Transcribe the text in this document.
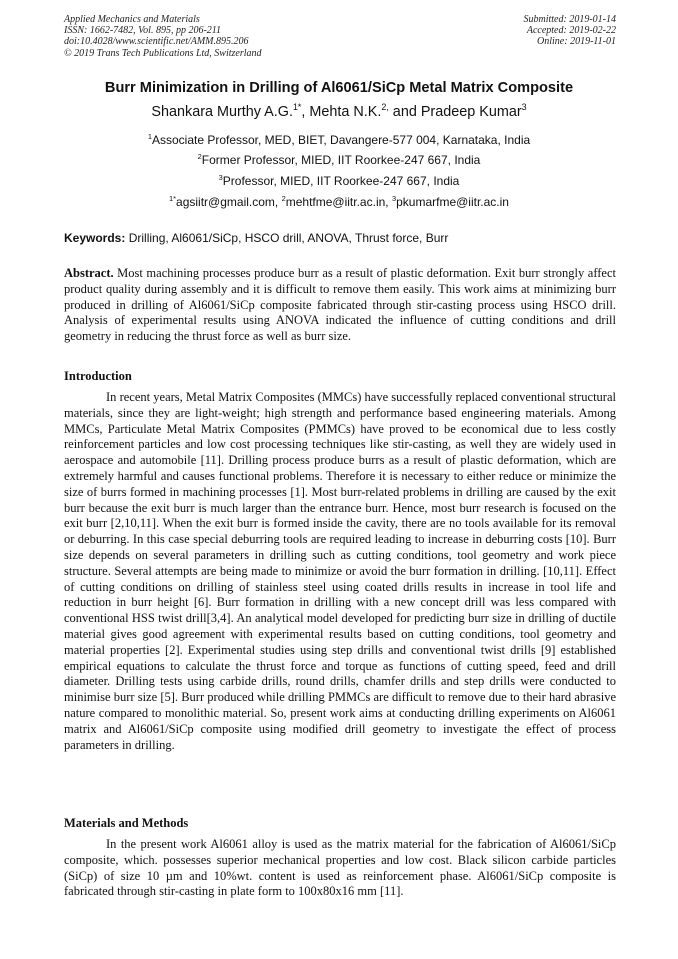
Applied Mechanics and Materials
ISSN: 1662-7482, Vol. 895, pp 206-211
doi:10.4028/www.scientific.net/AMM.895.206
© 2019 Trans Tech Publications Ltd, Switzerland
Submitted: 2019-01-14
Accepted: 2019-02-22
Online: 2019-11-01
Burr Minimization in Drilling of Al6061/SiCp Metal Matrix Composite
Shankara Murthy A.G.$^{1*}$, Mehta N.K.$^{2,}$ and Pradeep Kumar$^3$
$^1$Associate Professor, MED, BIET, Davangere-577 004, Karnataka, India
$^2$Former Professor, MIED, IIT Roorkee-247 667, India
$^3$Professor, MIED, IIT Roorkee-247 667, India
$^{1*}$agsiitr@gmail.com, $^2$mehtfme@iitr.ac.in, $^3$pkumarfme@iitr.ac.in
Keywords: Drilling, Al6061/SiCp, HSCO drill, ANOVA, Thrust force, Burr
Abstract. Most machining processes produce burr as a result of plastic deformation. Exit burr strongly affect product quality during assembly and it is difficult to remove them easily. This work aims at minimizing burr produced in drilling of Al6061/SiCp composite fabricated through stir-casting process using HSCO drill. Analysis of experimental results using ANOVA indicated the influence of cutting conditions and drill geometry in reducing the thrust force as well as burr size.
Introduction
In recent years, Metal Matrix Composites (MMCs) have successfully replaced conventional structural materials, since they are light-weight; high strength and performance based engineering materials. Among MMCs, Particulate Metal Matrix Composites (PMMCs) have proved to be economical due to less costly reinforcement particles and low cost processing techniques like stir-casting, as well they are widely used in aerospace and automobile [11]. Drilling process produce burrs as a result of plastic deformation, which are extremely harmful and causes functional problems. Therefore it is necessary to either reduce or minimize the size of burrs formed in machining processes [1]. Most burr-related problems in drilling are caused by the exit burr because the exit burr is much larger than the entrance burr. Hence, most burr research is focused on the exit burr [2,10,11]. When the exit burr is formed inside the cavity, there are no tools available for its removal or deburring. In this case special deburring tools are required leading to increase in deburring costs [10]. Burr size depends on several parameters in drilling such as cutting conditions, tool geometry and work piece structure. Several attempts are being made to minimize or avoid the burr formation in drilling. [10,11]. Effect of cutting conditions on drilling of stainless steel using coated drills results in increase in tool life and reduction in burr height [6]. Burr formation in drilling with a new concept drill was less compared with conventional HSS twist drill[3,4]. An analytical model developed for predicting burr size in drilling of ductile material gives good agreement with experimental results based on cutting conditions, tool geometry and material properties [2]. Experimental studies using step drills and conventional twist drills [9] established empirical equations to calculate the thrust force and torque as functions of cutting speed, feed and drill diameter. Drilling tests using carbide drills, round drills, chamfer drills and step drills were conducted to minimise burr size [5]. Burr produced while drilling PMMCs are difficult to remove due to their hard abrasive nature compared to monolithic material. So, present work aims at conducting drilling experiments on Al6061 matrix and Al6061/SiCp composite using modified drill geometry to investigate the effect of process parameters in drilling.
Materials and Methods
In the present work Al6061 alloy is used as the matrix material for the fabrication of Al6061/SiCp composite, which. possesses superior mechanical properties and low cost. Black silicon carbide particles (SiCp) of size 10 µm and 10%wt. content is used as reinforcement phase. Al6061/SiCp composite is fabricated through stir-casting in plate form to 100x80x16 mm [11].
